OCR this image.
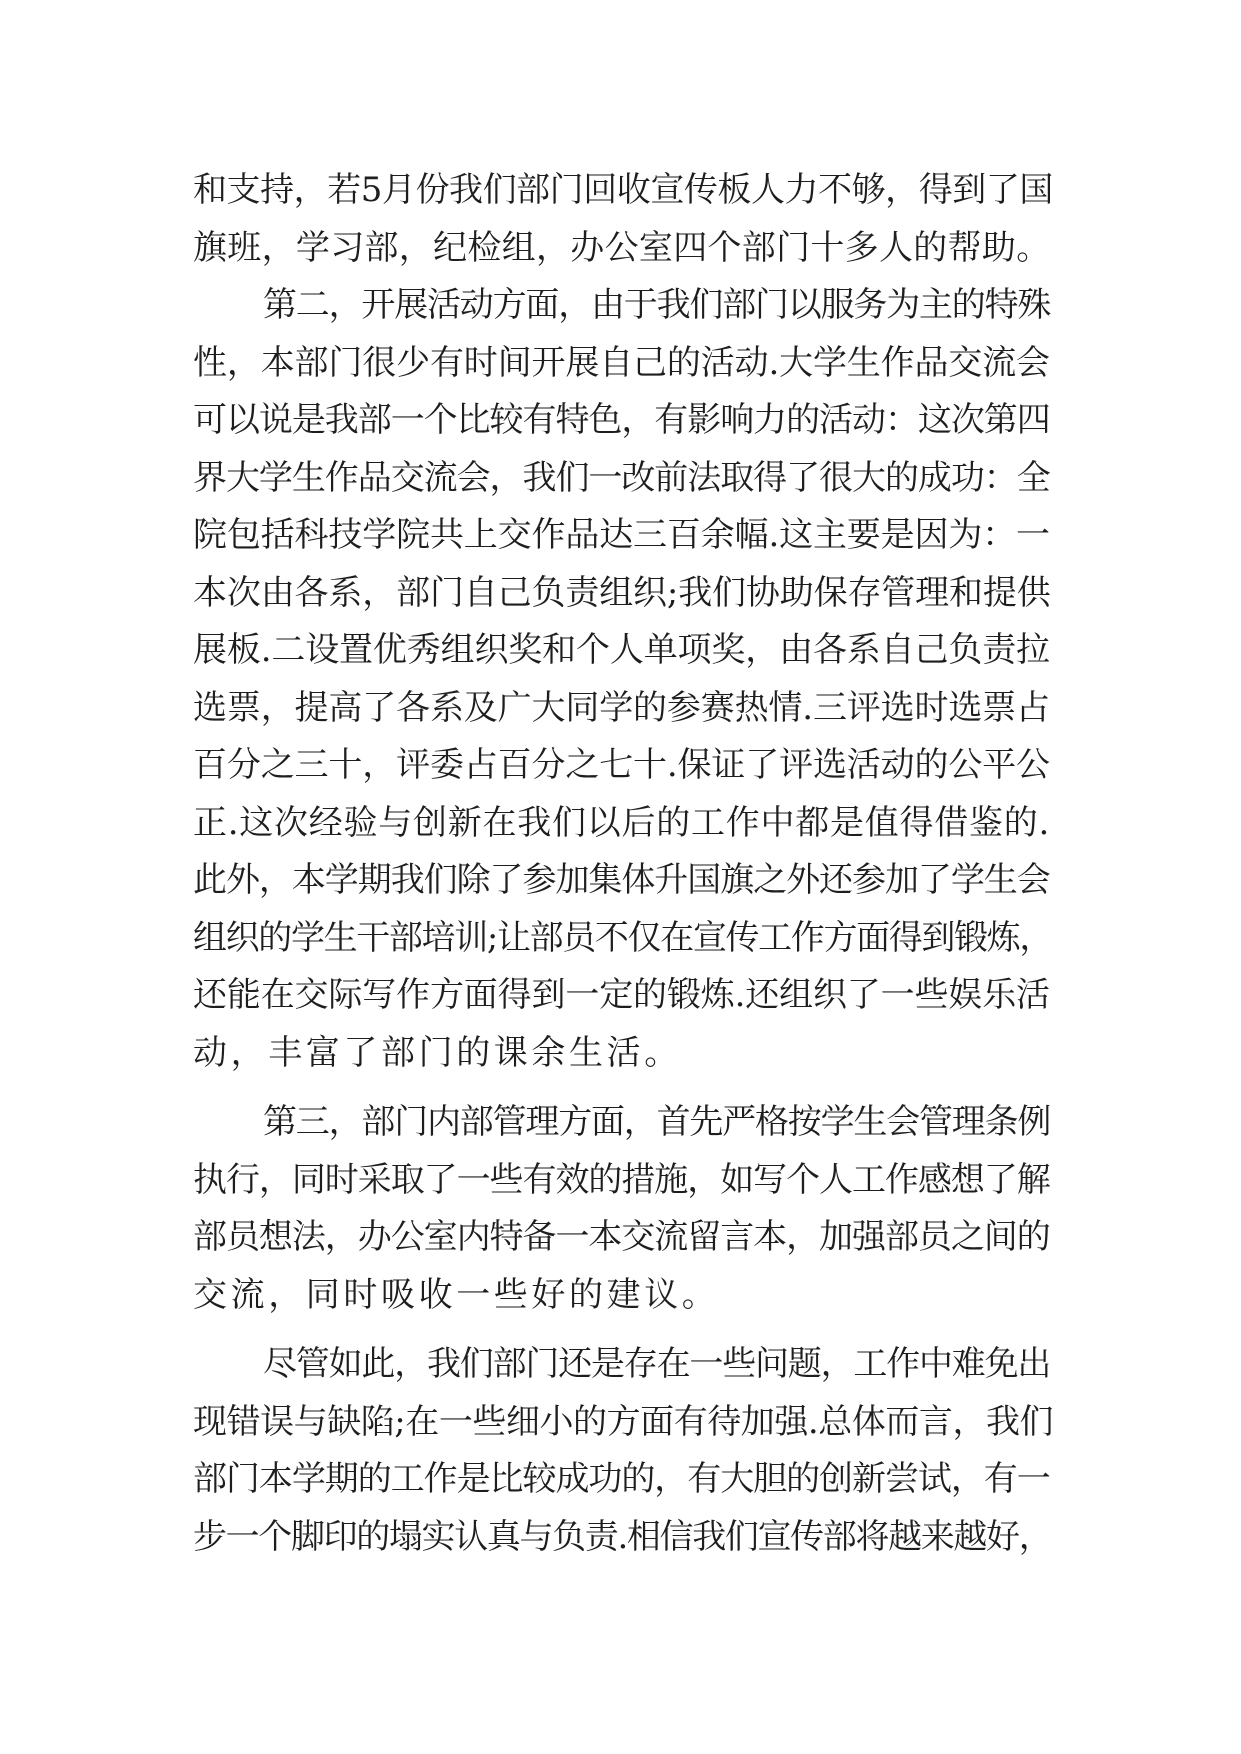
和支持，若5月份我们部门回收宣传板人力不够，得到了国
旗班，学习部，纪检组，办公室四个部门十多人的帮助。
第二，开展活动方面，由于我们部门以服务为主的特殊
性，本部门很少有时间开展自己的活动.大学生作品交流会
可以说是我部一个比较有特色，有影响力的活动：这次第四
界大学生作品交流会，我们一改前法取得了很大的成功：全
院包括科技学院共上交作品达三百余幅.这主要是因为：一
本次由各系，部门自己负责组织;我们协助保存管理和提供
展板.二设置优秀组织奖和个人单项奖，由各系自己负责拉
选票，提高了各系及广大同学的参赛热情.三评选时选票占
百分之三十，评委占百分之七十.保证了评选活动的公平公
正.这次经验与创新在我们以后的工作中都是值得借鉴的.
此外，本学期我们除了参加集体升国旗之外还参加了学生会
组织的学生干部培训;让部员不仅在宣传工作方面得到锻炼，
还能在交际写作方面得到一定的锻炼.还组织了一些娱乐活
动，丰富了部门的课余生活。
第三，部门内部管理方面，首先严格按学生会管理条例
执行，同时采取了一些有效的措施，如写个人工作感想了解
部员想法，办公室内特备一本交流留言本，加强部员之间的
交流，同时吸收一些好的建议。
尽管如此，我们部门还是存在一些问题，工作中难免出
现错误与缺陷;在一些细小的方面有待加强.总体而言，我们
部门本学期的工作是比较成功的，有大胆的创新尝试，有一
步一个脚印的塌实认真与负责.相信我们宣传部将越来越好，
